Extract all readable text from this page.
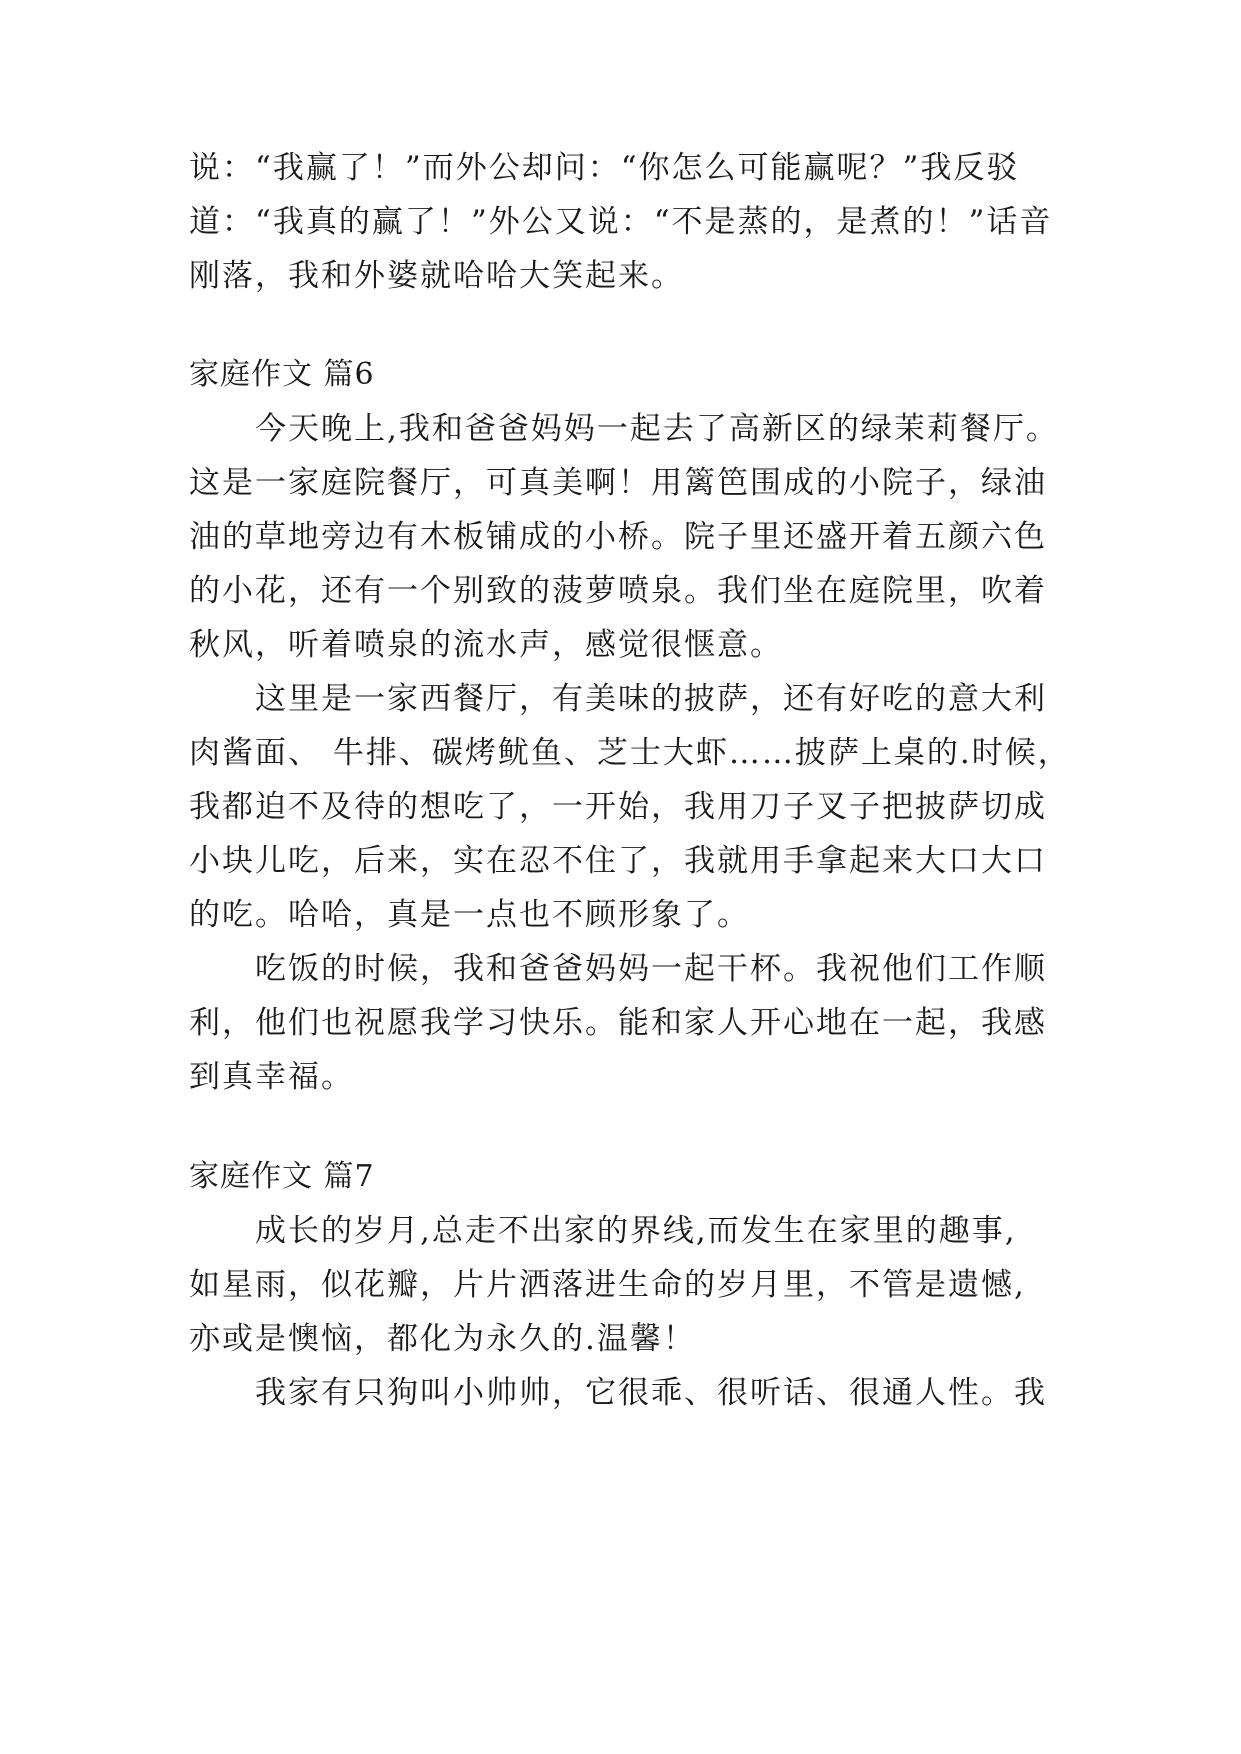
说：“我赢了！”而外公却问：“你怎么可能赢呢？”我反驳
道：“我真的赢了！”外公又说：“不是蒸的，是煮的！”话音
刚落，我和外婆就哈哈大笑起来。
家庭作文 篇6
今天晚上,我和爸爸妈妈一起去了高新区的绿茉莉餐厅。
这是一家庭院餐厅，可真美啊！用篱笆围成的小院子，绿油
油的草地旁边有木板铺成的小桥。院子里还盛开着五颜六色
的小花，还有一个别致的菠萝喷泉。我们坐在庭院里，吹着
秋风，听着喷泉的流水声，感觉很惬意。
这里是一家西餐厅，有美味的披萨，还有好吃的意大利
肉酱面、 牛排、碳烤鱿鱼、芝士大虾……披萨上桌的.时候，
我都迫不及待的想吃了，一开始，我用刀子叉子把披萨切成
小块儿吃，后来，实在忍不住了，我就用手拿起来大口大口
的吃。哈哈，真是一点也不顾形象了。
吃饭的时候，我和爸爸妈妈一起干杯。我祝他们工作顺
利，他们也祝愿我学习快乐。能和家人开心地在一起，我感
到真幸福。
家庭作文 篇7
成长的岁月,总走不出家的界线,而发生在家里的趣事,
如星雨，似花瓣，片片洒落进生命的岁月里，不管是遗憾,
亦或是懊恼，都化为永久的.温馨！
我家有只狗叫小帅帅，它很乖、很听话、很通人性。我
